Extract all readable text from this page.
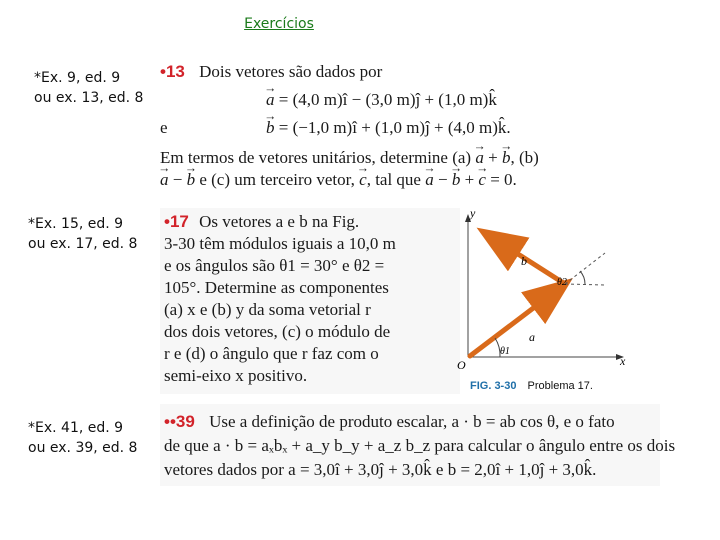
Exercícios
*Ex. 9, ed. 9
ou ex. 13, ed. 8
*Ex. 15, ed. 9
ou ex. 17, ed. 8
*Ex. 41, ed. 9
ou ex. 39, ed. 8
•13 Dois vetores são dados por
→ a = (4,0 m)î − (3,0 m)ĵ + (1,0 m)k̂
e	→ b = (−1,0 m)î + (1,0 m)ĵ + (4,0 m)k̂.
Em termos de vetores unitários, determine (a) → a + → b, (b)
→ a − → b e (c) um terceiro vetor, → c, tal que → a − → b + → c = 0.
•17 Os vetores a e b na Fig.
3-30 têm módulos iguais a 10,0 m
e os ângulos são θ1 = 30° e θ2 =
105°. Determine as componentes
(a) x e (b) y da soma vetorial r
dos dois vetores, (c) o módulo de
r e (d) o ângulo que r faz com o
semi-eixo x positivo.
y
x
O
a
b
θ1
θ2
FIG. 3-30 Problema 17.
••39 Use a definição de produto escalar, a · b = ab cos θ, e o fato
de que a · b = aₓbₓ + a_y b_y + a_z b_z para calcular o ângulo entre os dois
vetores dados por a = 3,0î + 3,0ĵ + 3,0k̂ e b = 2,0î + 1,0ĵ + 3,0k̂.
